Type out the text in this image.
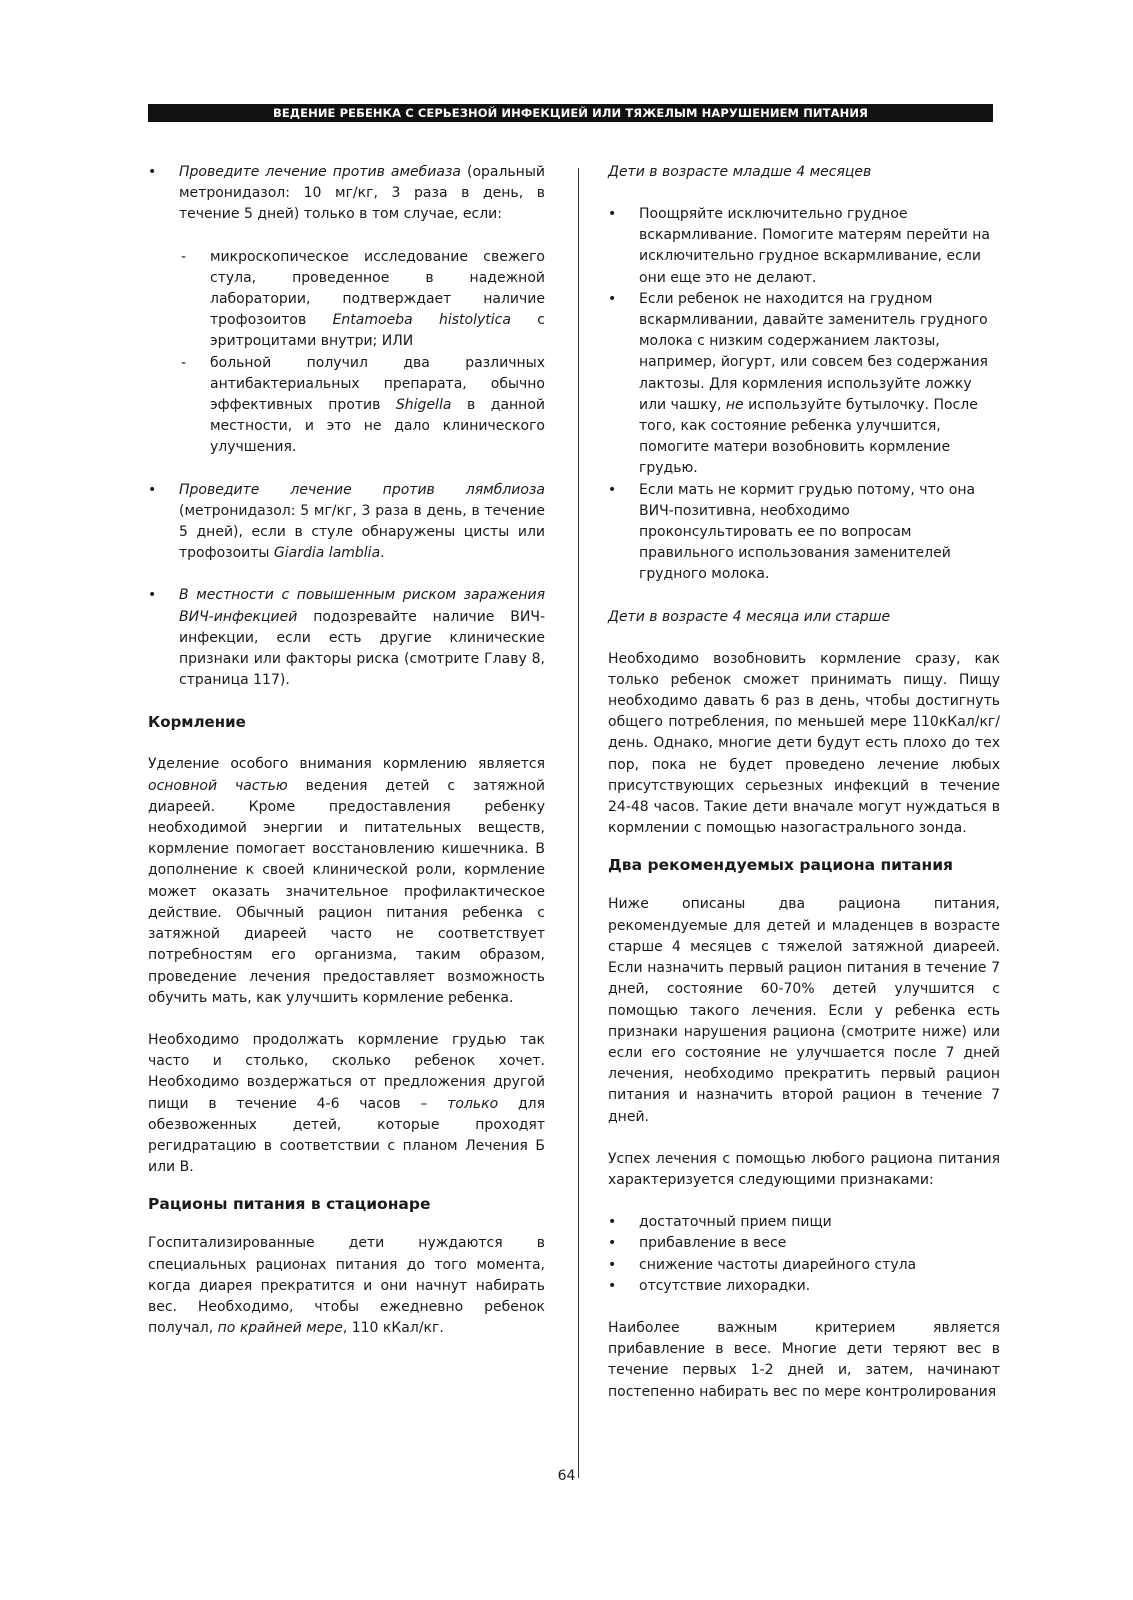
ВЕДЕНИЕ РЕБЕНКА С СЕРЬЕЗНОЙ ИНФЕКЦИЕЙ ИЛИ ТЯЖЕЛЫМ НАРУШЕНИЕМ ПИТАНИЯ
• Проведите лечение против амебиаза (оральный метронидазол: 10 мг/кг, 3 раза в день, в течение 5 дней) только в том случае, если:
- микроскопическое исследование свежего стула, проведенное в надежной лаборатории, подтверждает наличие трофозоитов Entamoeba histolytica с эритроцитами внутри; ИЛИ
- больной получил два различных антибактериальных препарата, обычно эффективных против Shigella в данной местности, и это не дало клинического улучшения.
• Проведите лечение против лямблиоза (метронидазол: 5 мг/кг, 3 раза в день, в течение 5 дней), если в стуле обнаружены цисты или трофозоиты Giardia lamblia.
• В местности с повышенным риском заражения ВИЧ-инфекцией подозревайте наличие ВИЧ-инфекции, если есть другие клинические признаки или факторы риска (смотрите Главу 8, страница 117).
Кормление

Уделение особого внимания кормлению является основной частью ведения детей с затяжной диареей. Кроме предоставления ребенку необходимой энергии и питательных веществ, кормление помогает восстановлению кишечника. В дополнение к своей клинической роли, кормление может оказать значительное профилактическое действие. Обычный рацион питания ребенка с затяжной диареей часто не соответствует потребностям его организма, таким образом, проведение лечения предоставляет возможность обучить мать, как улучшить кормление ребенка.

Необходимо продолжать кормление грудью так часто и столько, сколько ребенок хочет. Необходимо воздержаться от предложения другой пищи в течение 4-6 часов – только для обезвоженных детей, которые проходят регидратацию в соответствии с планом Лечения Б или В.

Рационы питания в стационаре

Госпитализированные дети нуждаются в специальных рационах питания до того момента, когда диарея прекратится и они начнут набирать вес. Необходимо, чтобы ежедневно ребенок получал, по крайней мере, 110 кКал/кг.

Дети в возрасте младше 4 месяцев

• Поощряйте исключительно грудное вскармливание. Помогите матерям перейти на исключительно грудное вскармливание, если они еще это не делают.
• Если ребенок не находится на грудном вскармливании, давайте заменитель грудного молока с низким содержанием лактозы, например, йогурт, или совсем без содержания лактозы. Для кормления используйте ложку или чашку, не используйте бутылочку. После того, как состояние ребенка улучшится, помогите матери возобновить кормление грудью.
• Если мать не кормит грудью потому, что она ВИЧ-позитивна, необходимо проконсультировать ее по вопросам правильного использования заменителей грудного молока.

Дети в возрасте 4 месяца или старше

Необходимо возобновить кормление сразу, как только ребенок сможет принимать пищу. Пищу необходимо давать 6 раз в день, чтобы достигнуть общего потребления, по меньшей мере 110кКал/кг/день. Однако, многие дети будут есть плохо до тех пор, пока не будет проведено лечение любых присутствующих серьезных инфекций в течение 24-48 часов. Такие дети вначале могут нуждаться в кормлении с помощью назогастрального зонда.

Два рекомендуемых рациона питания

Ниже описаны два рациона питания, рекомендуемые для детей и младенцев в возрасте старше 4 месяцев с тяжелой затяжной диареей. Если назначить первый рацион питания в течение 7 дней, состояние 60-70% детей улучшится с помощью такого лечения. Если у ребенка есть признаки нарушения рациона (смотрите ниже) или если его состояние не улучшается после 7 дней лечения, необходимо прекратить первый рацион питания и назначить второй рацион в течение 7 дней.

Успех лечения с помощью любого рациона питания характеризуется следующими признаками:

• достаточный прием пищи
• прибавление в весе
• снижение частоты диарейного стула
• отсутствие лихорадки.

Наиболее важным критерием является прибавление в весе. Многие дети теряют вес в течение первых 1-2 дней и, затем, начинают постепенно набирать вес по мере контролирования

64
